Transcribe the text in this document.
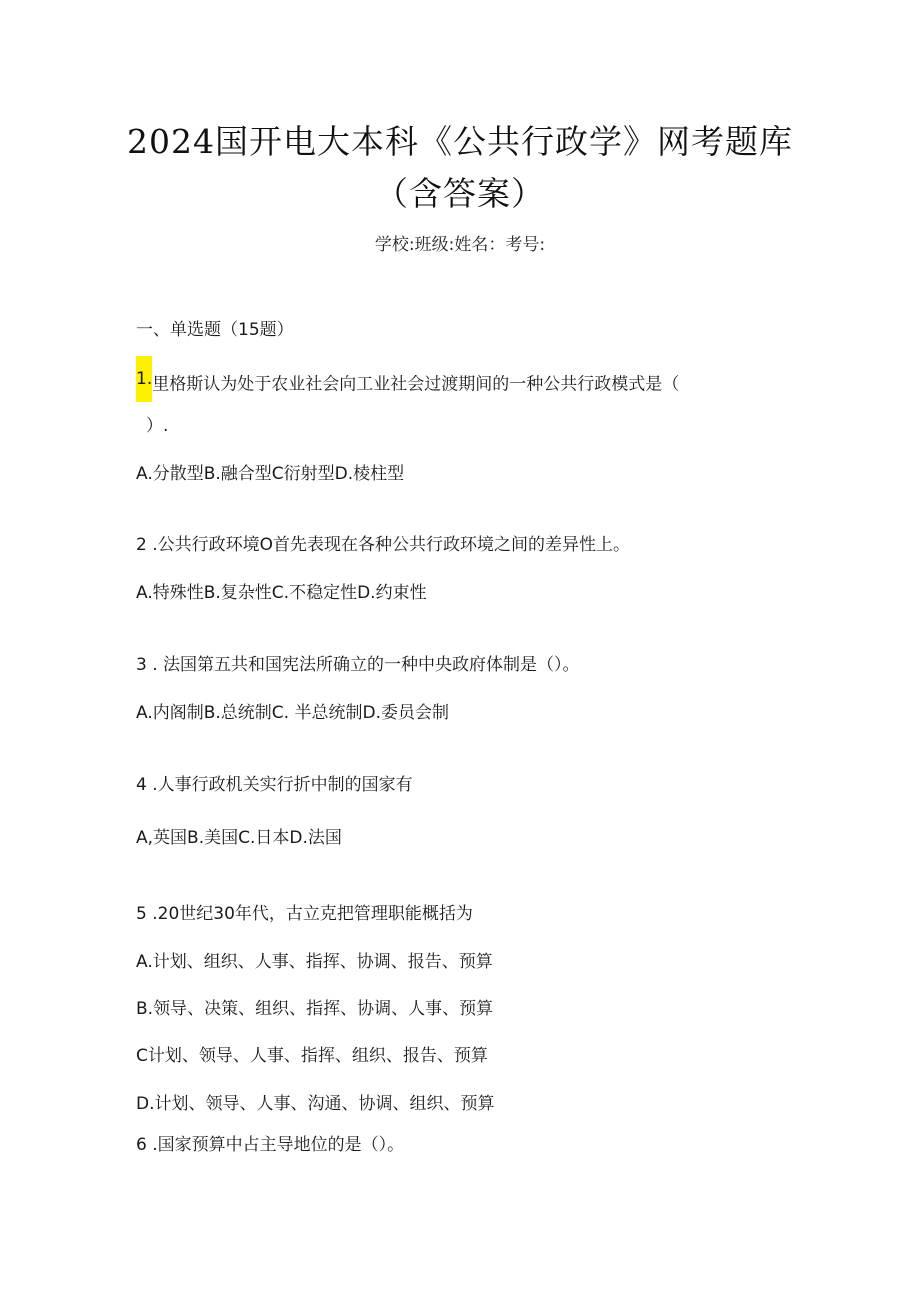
2024国开电大本科《公共行政学》网考题库
（含答案）
学校:班级:姓名：考号:
一、单选题（15题）
1.里格斯认为处于农业社会向工业社会过渡期间的一种公共行政模式是（
）.
A.分散型B.融合型C衍射型D.棱柱型
2 .公共行政环境O首先表现在各种公共行政环境之间的差异性上。
A.特殊性B.复杂性C.不稳定性D.约束性
3 . 法国第五共和国宪法所确立的一种中央政府体制是（）。
A.内阁制B.总统制C. 半总统制D.委员会制
4 .人事行政机关实行折中制的国家有
A,英国B.美国C.日本D.法国
5 .20世纪30年代，古立克把管理职能概括为
A.计划、组织、人事、指挥、协调、报告、预算
B.领导、决策、组织、指挥、协调、人事、预算
C计划、领导、人事、指挥、组织、报告、预算
D.计划、领导、人事、沟通、协调、组织、预算
6 .国家预算中占主导地位的是（）。
